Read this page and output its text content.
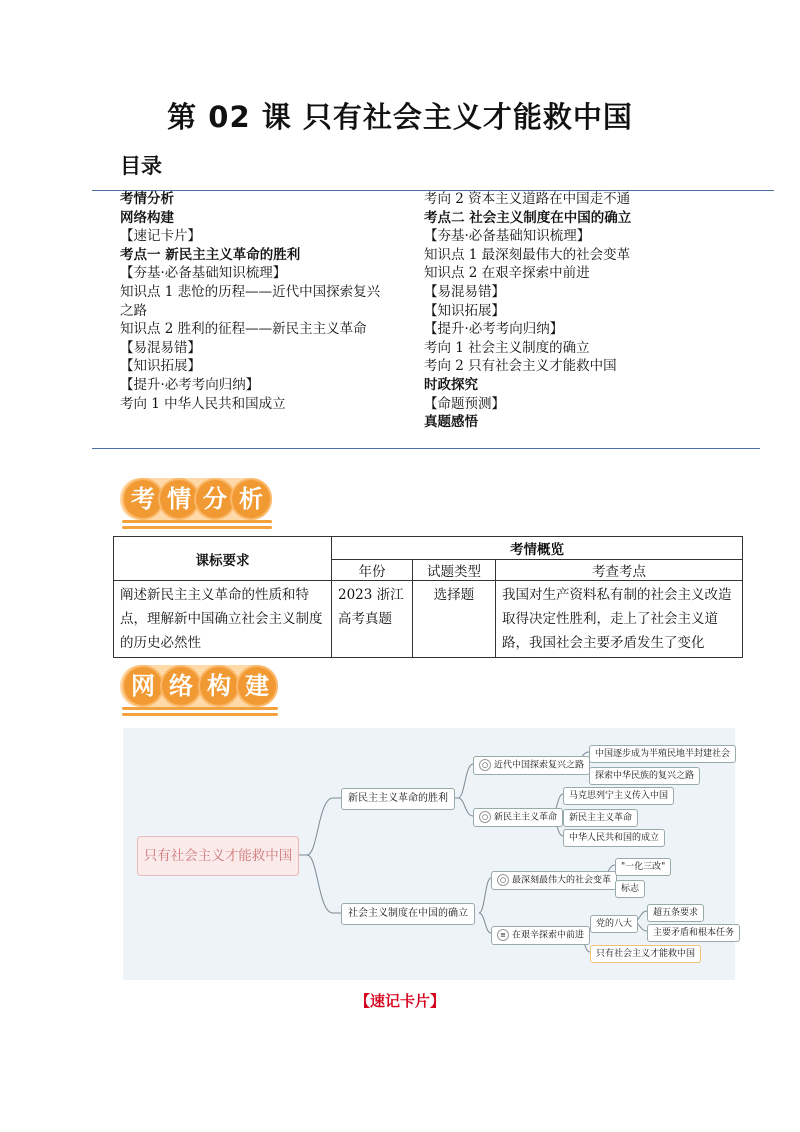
第 02 课 只有社会主义才能救中国
目录
考情分析
网络构建
【速记卡片】
考点一 新民主主义革命的胜利
【夯基·必备基础知识梳理】
知识点 1 悲怆的历程——近代中国探索复兴之路
知识点 2 胜利的征程——新民主主义革命
【易混易错】
【知识拓展】
【提升·必考考向归纳】
考向 1 中华人民共和国成立
考向 2 资本主义道路在中国走不通
考点二 社会主义制度在中国的确立
【夯基·必备基础知识梳理】
知识点 1 最深刻最伟大的社会变革
知识点 2 在艰辛探索中前进
【易混易错】
【知识拓展】
【提升·必考考向归纳】
考向 1 社会主义制度的确立
考向 2 只有社会主义才能救中国
时政探究
【命题预测】
真题感悟
考 情 分 析
课标要求	考情概览		
	年份	试题类型	考查考点
阐述新民主主义革命的性质和特点，理解新中国确立社会主义制度的历史必然性	2023 浙江高考真题	选择题	我国对生产资料私有制的社会主义改造取得决定性胜利，走上了社会主义道路，我国社会主要矛盾发生了变化
网 络 构 建
只有社会主义才能救中国
新民主主义革命的胜利
○ 近代中国探索复兴之路
中国逐步成为半殖民地半封建社会
探索中华民族的复兴之路
○ 新民主主义革命
马克思列宁主义传入中国
新民主主义革命
中华人民共和国的成立
社会主义制度在中国的确立
○ 最深刻最伟大的社会变革
"一化三改"
标志
≡ 在艰辛探索中前进
党的八大
超五条要求
主要矛盾和根本任务
只有社会主义才能救中国
【速记卡片】
